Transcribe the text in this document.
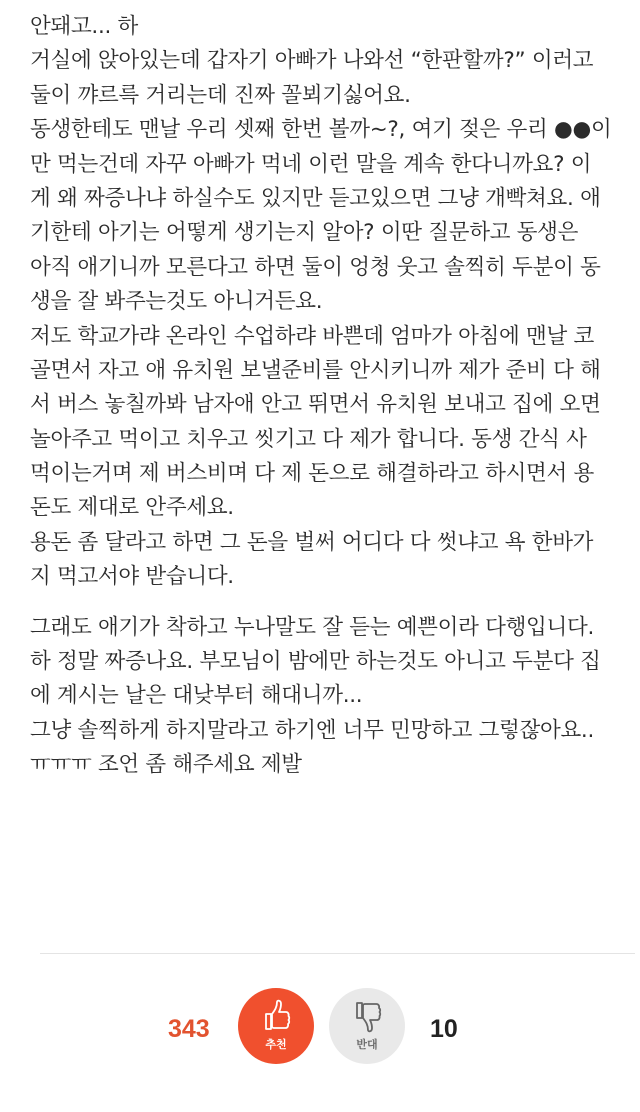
안돼고... 하
거실에 앉아있는데 갑자기 아빠가 나와선 “한판할까?” 이러고
둘이 꺄르륵 거리는데 진짜 꼴뵈기싫어요.
동생한테도 맨날 우리 셋째 한번 볼까~?, 여기 젖은 우리 ●●이
만 먹는건데 자꾸 아빠가 먹네 이런 말을 계속 한다니까요? 이
게 왜 짜증나냐 하실수도 있지만 듣고있으면 그냥 개빡쳐요. 애
기한테 아기는 어떻게 생기는지 알아? 이딴 질문하고 동생은
아직 애기니까 모른다고 하면 둘이 엉청 웃고 솔찍히 두분이 동
생을 잘 봐주는것도 아니거든요.
저도 학교가랴 온라인 수업하랴 바쁜데 엄마가 아침에 맨날 코
골면서 자고 애 유치원 보낼준비를 안시키니까 제가 준비 다 해
서 버스 놓칠까봐 남자애 안고 뛰면서 유치원 보내고 집에 오면
놀아주고 먹이고 치우고 씻기고 다 제가 합니다. 동생 간식 사
먹이는거며 제 버스비며 다 제 돈으로 해결하라고 하시면서 용
돈도 제대로 안주세요.
용돈 좀 달라고 하면 그 돈을 벌써 어디다 다 썻냐고 욕 한바가
지 먹고서야 받습니다.
그래도 애기가 착하고 누나말도 잘 듣는 예쁜이라 다행입니다.
하 정말 짜증나요. 부모님이 밤에만 하는것도 아니고 두분다 집
에 계시는 날은 대낮부터 해대니까...
그냥 솔찍하게 하지말라고 하기엔 너무 민망하고 그렇잖아요..
ㅠㅠㅠ 조언 좀 해주세요 제발
343
추천	반대
10
